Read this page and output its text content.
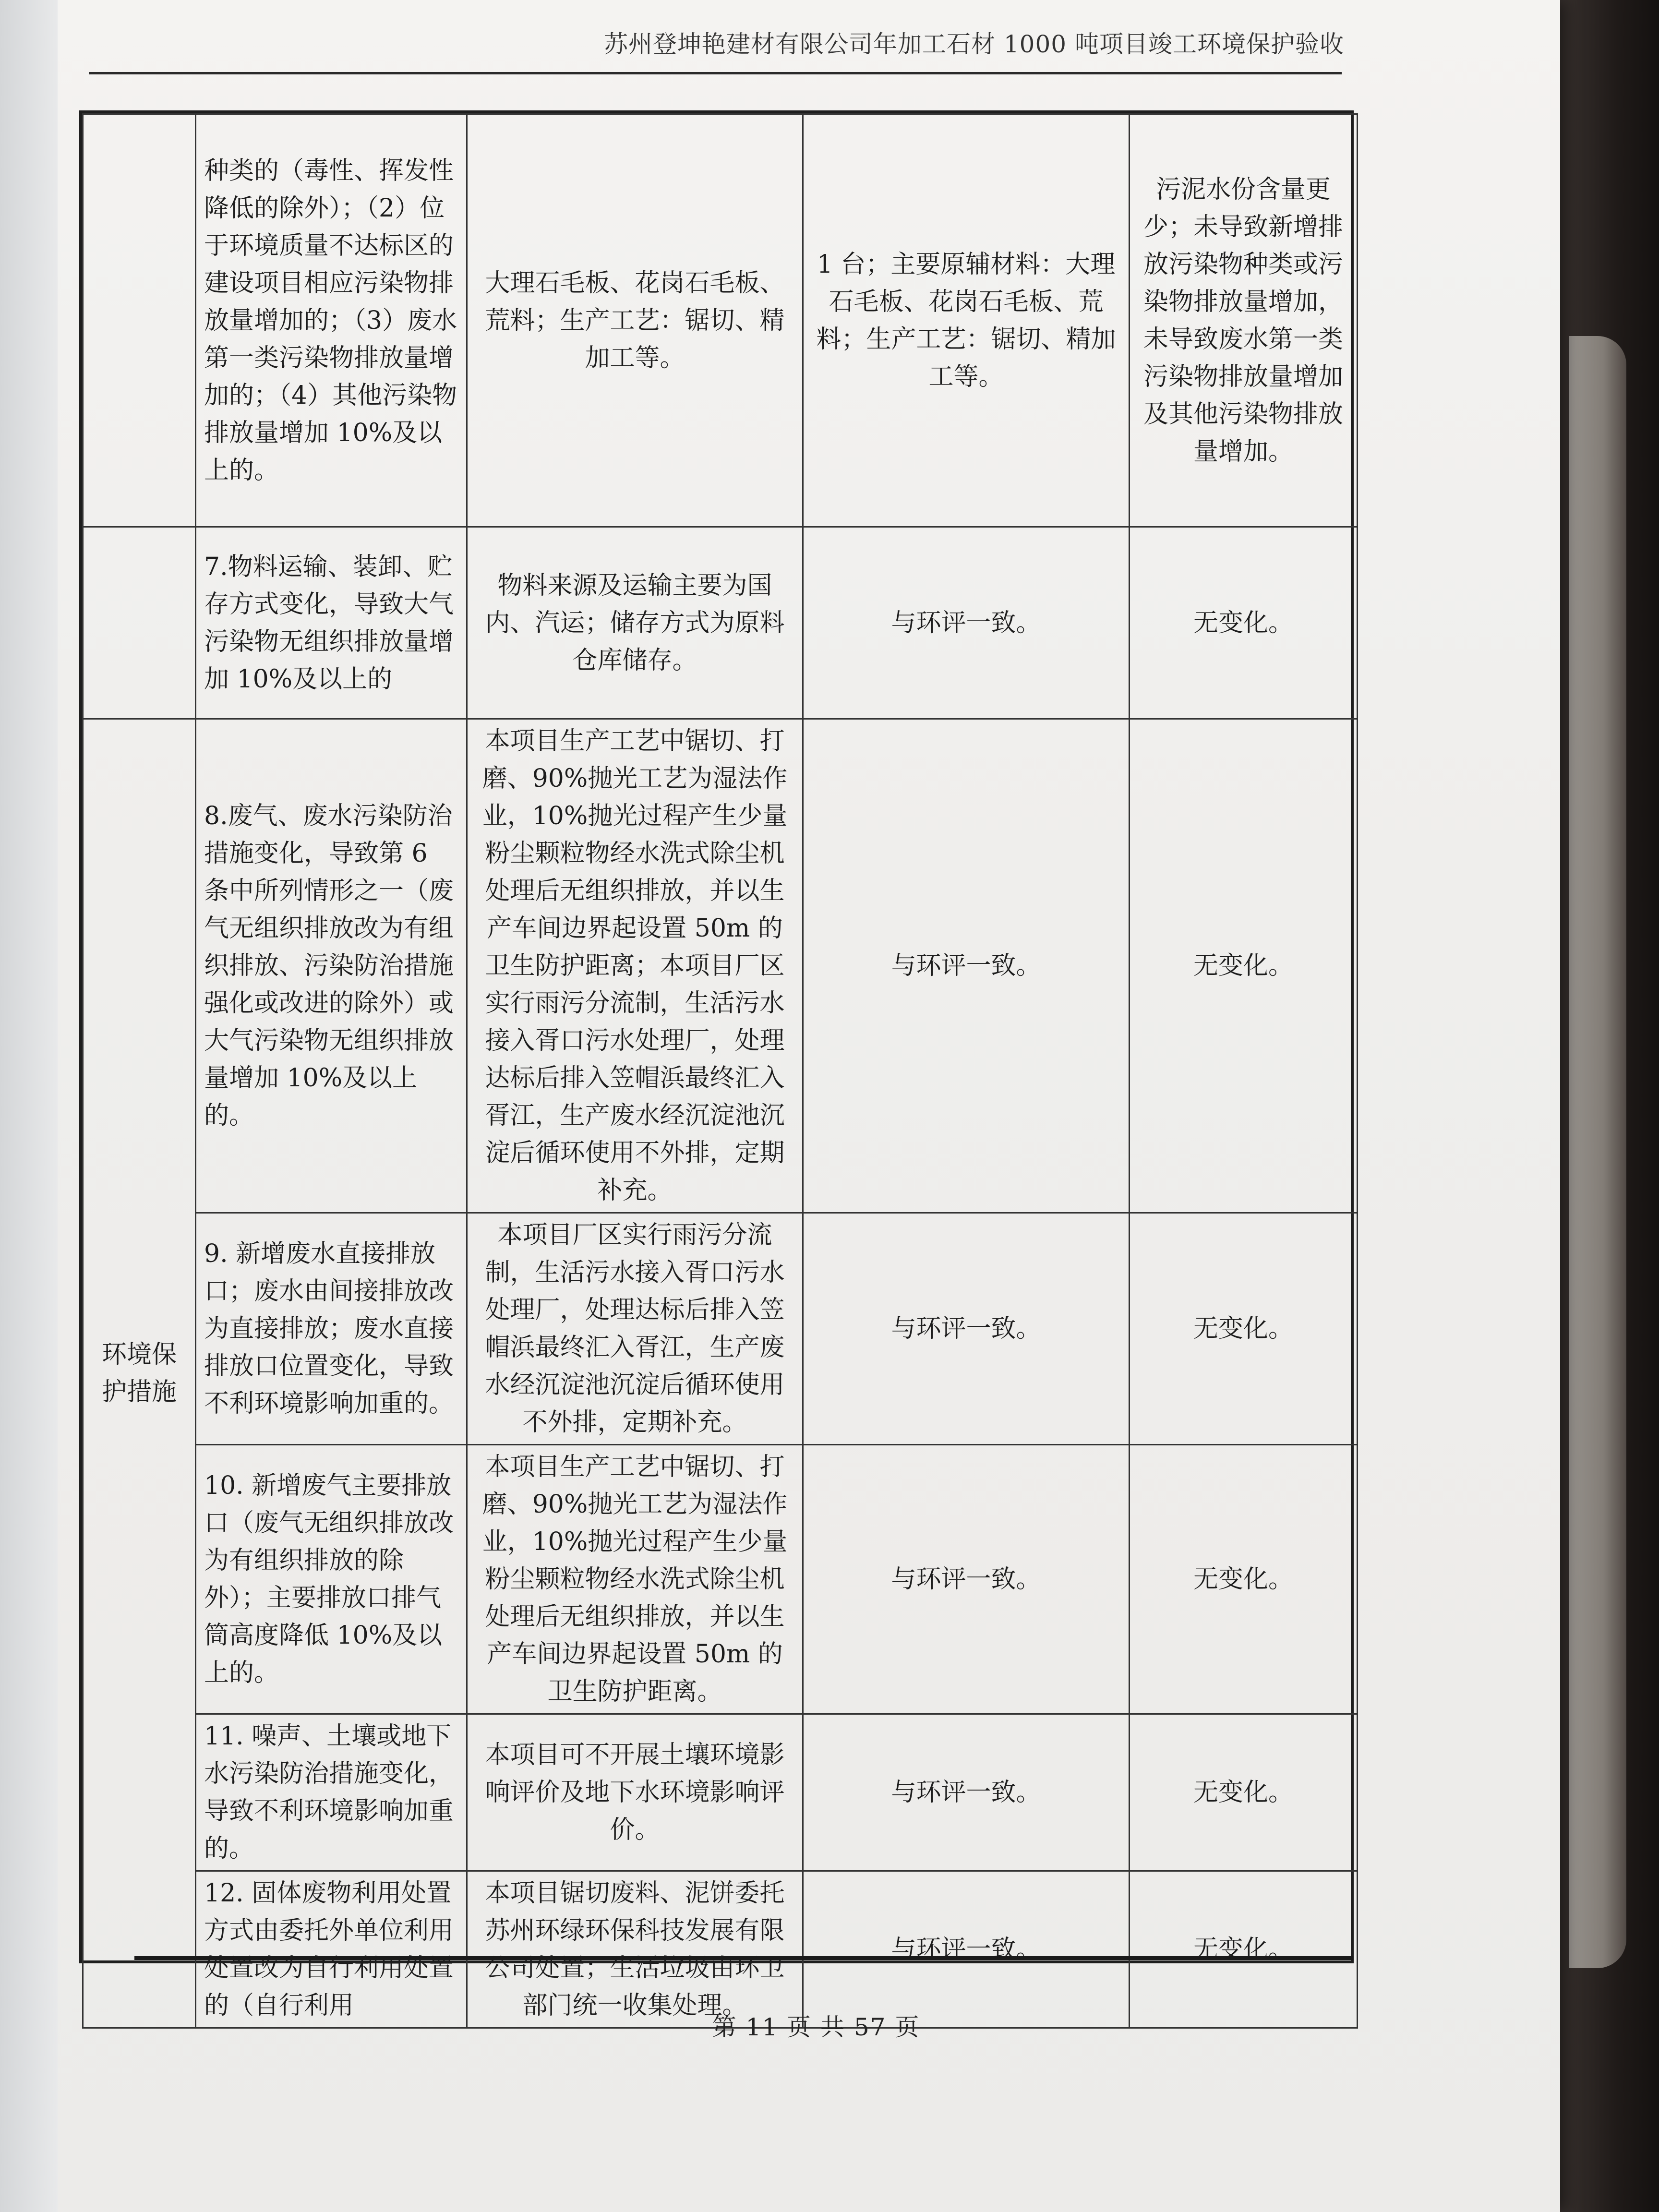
苏州登坤艳建材有限公司年加工石材 1000 吨项目竣工环境保护验收
	种类的（毒性、挥发性降低的除外）；（2）位于环境质量不达标区的建设项目相应污染物排放量增加的；（3）废水第一类污染物排放量增加的；（4）其他污染物排放量增加 10%及以上的。	大理石毛板、花岗石毛板、荒料；生产工艺：锯切、精加工等。	1 台；主要原辅材料：大理石毛板、花岗石毛板、荒料；生产工艺：锯切、精加工等。	污泥水份含量更少；未导致新增排放污染物种类或污染物排放量增加，未导致废水第一类污染物排放量增加及其他污染物排放量增加。
	7.物料运输、装卸、贮存方式变化，导致大气污染物无组织排放量增加 10%及以上的	物料来源及运输主要为国内、汽运；储存方式为原料仓库储存。	与环评一致。	无变化。
环境保护措施	8.废气、废水污染防治措施变化，导致第 6 条中所列情形之一（废气无组织排放改为有组织排放、污染防治措施强化或改进的除外）或大气污染物无组织排放量增加 10%及以上的。	本项目生产工艺中锯切、打磨、90%抛光工艺为湿法作业，10%抛光过程产生少量粉尘颗粒物经水洗式除尘机处理后无组织排放，并以生产车间边界起设置 50m 的卫生防护距离；本项目厂区实行雨污分流制，生活污水接入胥口污水处理厂，处理达标后排入笠帽浜最终汇入胥江，生产废水经沉淀池沉淀后循环使用不外排，定期补充。	与环评一致。	无变化。
	9. 新增废水直接排放口；废水由间接排放改为直接排放；废水直接排放口位置变化，导致不利环境影响加重的。	本项目厂区实行雨污分流制，生活污水接入胥口污水处理厂，处理达标后排入笠帽浜最终汇入胥江，生产废水经沉淀池沉淀后循环使用不外排，定期补充。	与环评一致。	无变化。
	10. 新增废气主要排放口（废气无组织排放改为有组织排放的除外）；主要排放口排气筒高度降低 10%及以上的。	本项目生产工艺中锯切、打磨、90%抛光工艺为湿法作业，10%抛光过程产生少量粉尘颗粒物经水洗式除尘机处理后无组织排放，并以生产车间边界起设置 50m 的卫生防护距离。	与环评一致。	无变化。
	11. 噪声、土壤或地下水污染防治措施变化，导致不利环境影响加重的。	本项目可不开展土壤环境影响评价及地下水环境影响评价。	与环评一致。	无变化。
	12. 固体废物利用处置方式由委托外单位利用处置改为自行利用处置的（自行利用	本项目锯切废料、泥饼委托苏州环绿环保科技发展有限公司处置；生活垃圾由环卫部门统一收集处理。	与环评一致。	无变化。
第 11 页 共 57 页
